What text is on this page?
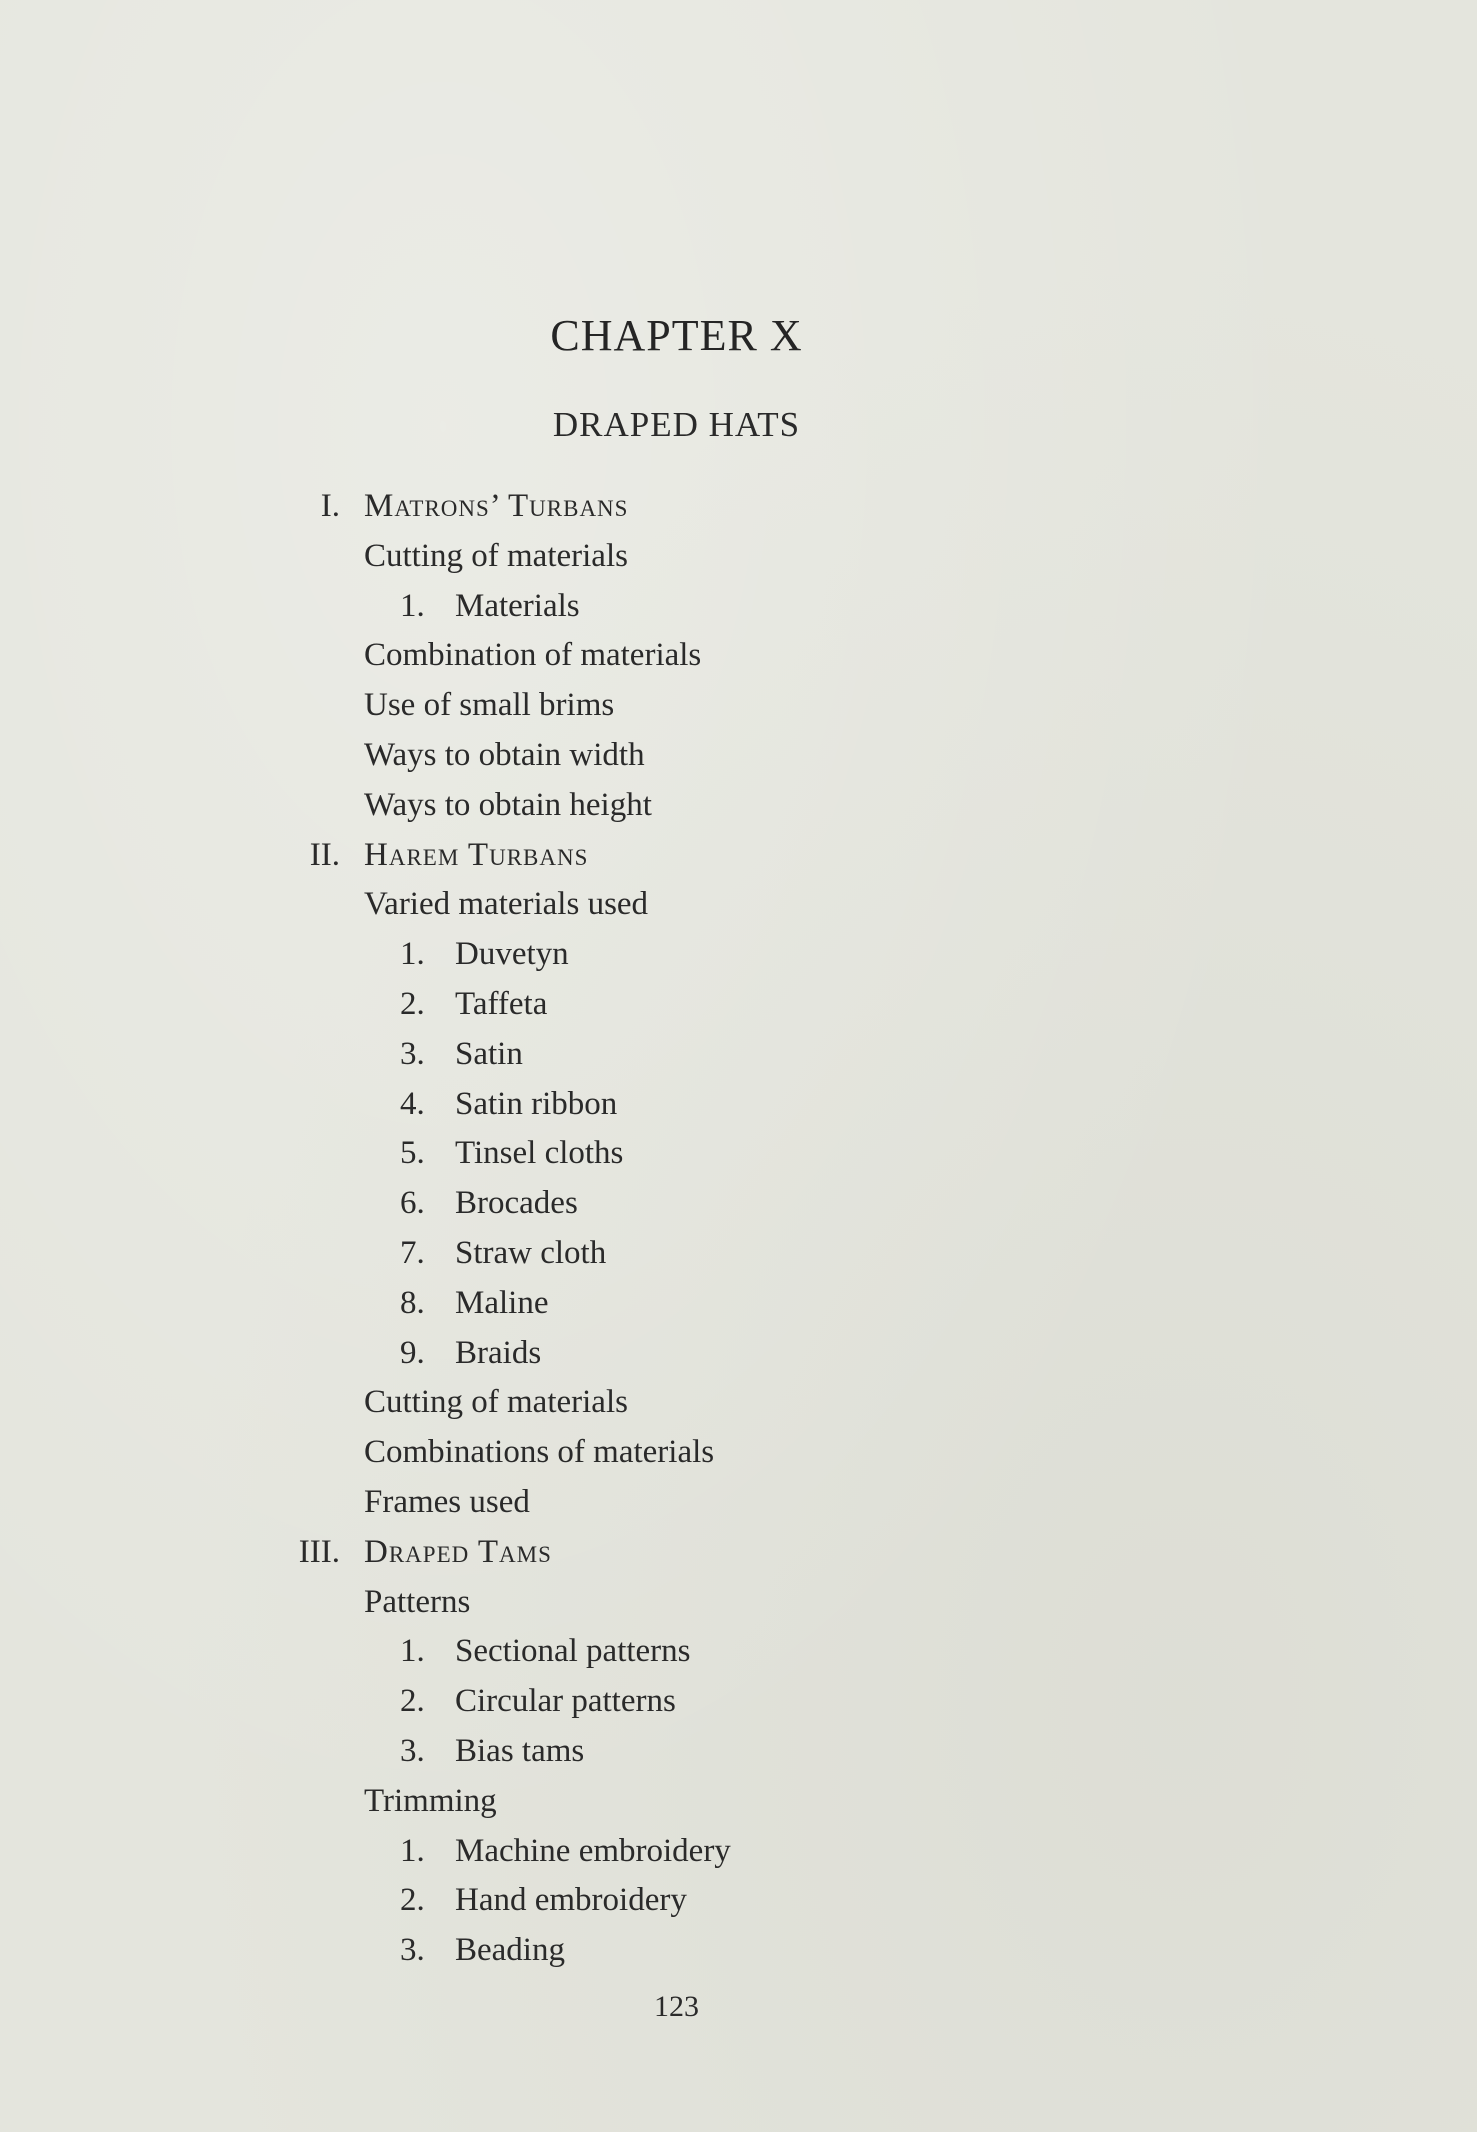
CHAPTER X
DRAPED HATS
I. Matrons’ Turbans
Cutting of materials
1. Materials
Combination of materials
Use of small brims
Ways to obtain width
Ways to obtain height
II. Harem Turbans
Varied materials used
1. Duvetyn
2. Taffeta
3. Satin
4. Satin ribbon
5. Tinsel cloths
6. Brocades
7. Straw cloth
8. Maline
9. Braids
Cutting of materials
Combinations of materials
Frames used
III. Draped Tams
Patterns
1. Sectional patterns
2. Circular patterns
3. Bias tams
Trimming
1. Machine embroidery
2. Hand embroidery
3. Beading
123
